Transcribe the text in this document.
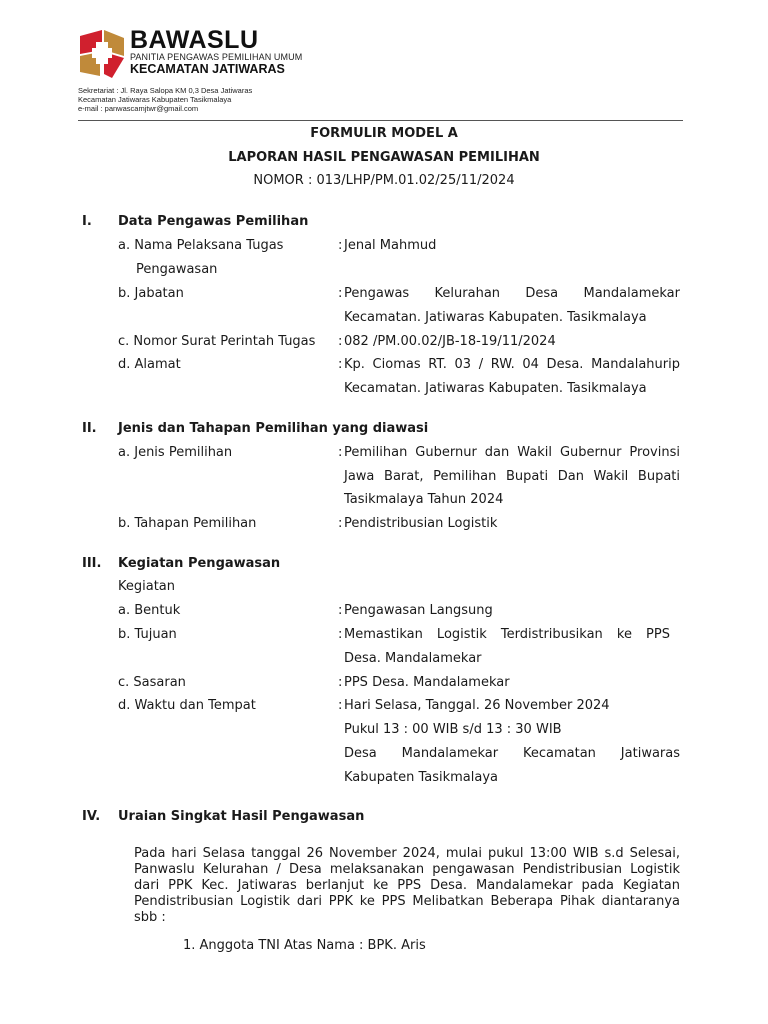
BAWASLU
PANITIA PENGAWAS PEMILIHAN UMUM
KECAMATAN JATIWARAS
Sekretariat : Jl. Raya Salopa KM 0,3 Desa Jatiwaras
Kecamatan Jatiwaras Kabupaten Tasikmalaya
e-mail : panwascamjtwr@gmail.com
FORMULIR MODEL A
LAPORAN HASIL PENGAWASAN PEMILIHAN
NOMOR : 013/LHP/PM.01.02/25/11/2024
I. Data Pengawas Pemilihan
a. Nama Pelaksana Tugas
Pengawasan
: Jenal Mahmud
b. Jabatan	: Pengawas Kelurahan Desa Mandalamekar
Kecamatan. Jatiwaras Kabupaten. Tasikmalaya
c. Nomor Surat Perintah Tugas : 082 /PM.00.02/JB-18-19/11/2024
d. Alamat	: Kp. Ciomas RT. 03 / RW. 04 Desa. Mandalahurip
Kecamatan. Jatiwaras Kabupaten. Tasikmalaya
II. Jenis dan Tahapan Pemilihan yang diawasi
a. Jenis Pemilihan	: Pemilihan Gubernur dan Wakil Gubernur Provinsi
Jawa Barat, Pemilihan Bupati Dan Wakil Bupati
Tasikmalaya Tahun 2024
b. Tahapan Pemilihan	: Pendistribusian Logistik
III. Kegiatan Pengawasan
Kegiatan
a. Bentuk	: Pengawasan Langsung
b. Tujuan	: Memastikan Logistik Terdistribusikan ke PPS
Desa. Mandalamekar
c. Sasaran	: PPS Desa. Mandalamekar
d. Waktu dan Tempat	: Hari Selasa, Tanggal. 26 November 2024
Pukul 13 : 00 WIB s/d 13 : 30 WIB
Desa Mandalamekar Kecamatan Jatiwaras
Kabupaten Tasikmalaya
IV. Uraian Singkat Hasil Pengawasan
Pada hari Selasa tanggal 26 November 2024, mulai pukul 13:00 WIB s.d Selesai, Panwaslu Kelurahan / Desa melaksanakan pengawasan Pendistribusian Logistik dari PPK Kec. Jatiwaras berlanjut ke PPS Desa. Mandalamekar pada Kegiatan Pendistribusian Logistik dari PPK ke PPS Melibatkan Beberapa Pihak diantaranya sbb :
1. Anggota TNI Atas Nama : BPK. Aris
